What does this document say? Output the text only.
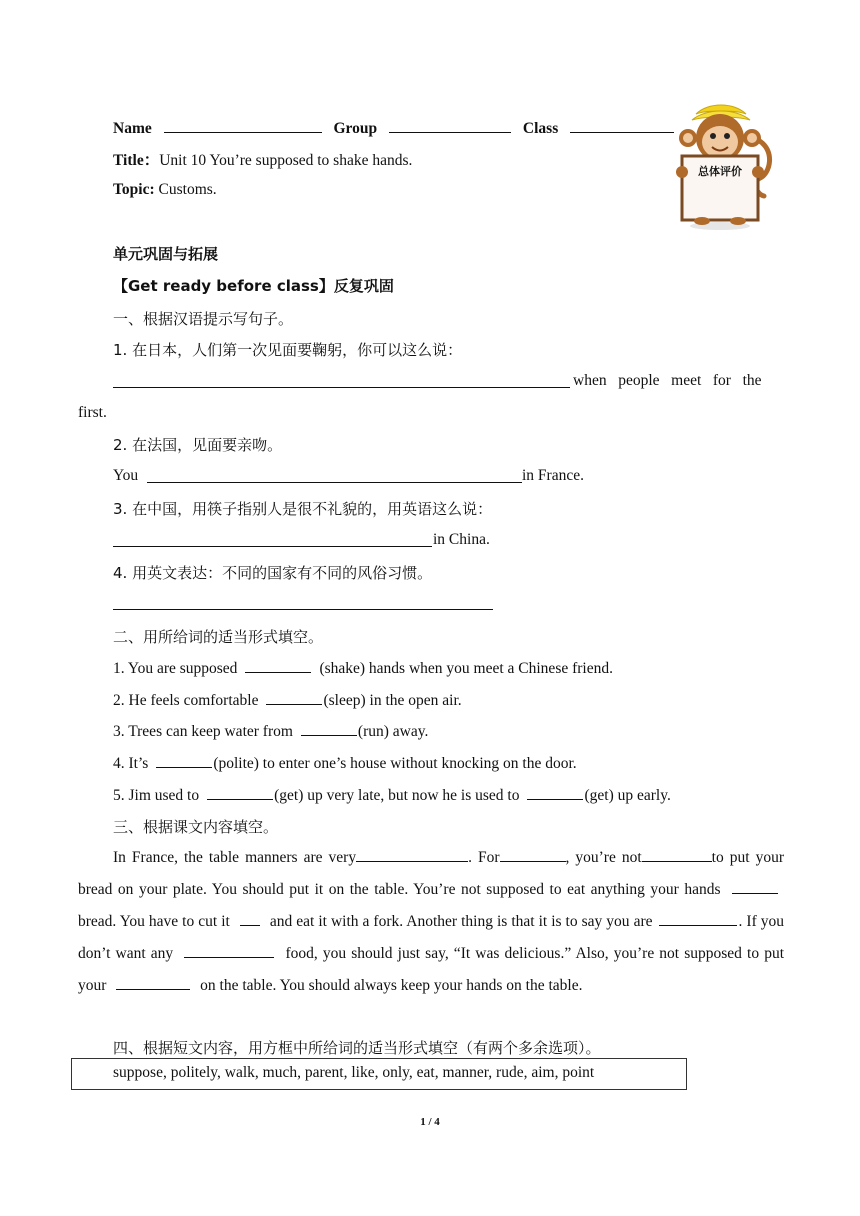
Name	Group	Class
Title：Unit 10 You’re supposed to shake hands.
Topic: Customs.
总体评价
单元巩固与拓展
【Get ready before class】反复巩固
一、根据汉语提示写句子。
1. 在日本，人们第一次见面要鞠躬，你可以这么说：
when   people   meet   for   the
first.
2. 在法国，见面要亲吻。
You	in France.
3. 在中国，用筷子指别人是很不礼貌的，用英语这么说：
in China.
4. 用英文表达：不同的国家有不同的风俗习惯。
二、用所给词的适当形式填空。
1. You are supposed	(shake) hands when you meet a Chinese friend.
2. He feels comfortable	(sleep) in the open air.
3. Trees can keep water from	(run) away.
4. It’s	(polite) to enter one’s house without knocking on the door.
5. Jim used to	(get) up very late, but now he is used to	(get) up early.
三、根据课文内容填空。
In France, the table manners are very	. For	, you’re not	to put your bread on your plate. You should put it on the table. You’re not supposed to eat anything your hands  bread. You have to cut it	and eat it with a fork. Another thing is that it is to say you are	. If you don’t want any	food, you should just say, “It was delicious.” Also, you’re not supposed to put your	on the table. You should always keep your hands on the table.
四、根据短文内容，用方框中所给词的适当形式填空（有两个多余选项）。
suppose, politely, walk, much, parent, like, only, eat, manner, rude, aim, point
1 / 4
